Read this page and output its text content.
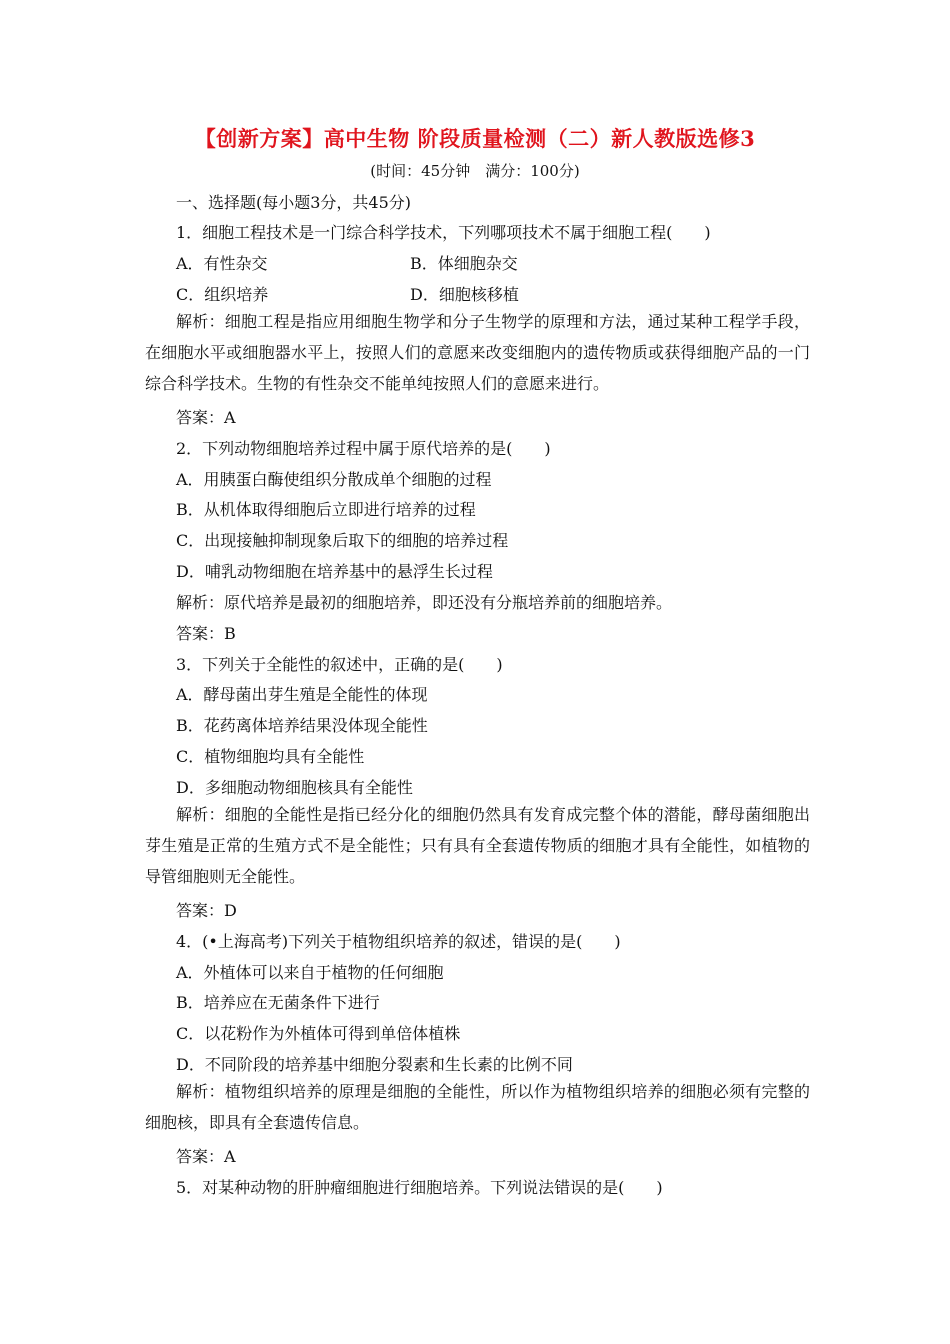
【创新方案】高中生物 阶段质量检测（二）新人教版选修3
(时间：45分钟　满分：100分)
一、选择题(每小题3分，共45分)
1．细胞工程技术是一门综合科学技术，下列哪项技术不属于细胞工程(　　)
A．有性杂交	B．体细胞杂交
C．组织培养	D．细胞核移植
解析：细胞工程是指应用细胞生物学和分子生物学的原理和方法，通过某种工程学手段，在细胞水平或细胞器水平上，按照人们的意愿来改变细胞内的遗传物质或获得细胞产品的一门综合科学技术。生物的有性杂交不能单纯按照人们的意愿来进行。
答案：A
2．下列动物细胞培养过程中属于原代培养的是(　　)
A．用胰蛋白酶使组织分散成单个细胞的过程
B．从机体取得细胞后立即进行培养的过程
C．出现接触抑制现象后取下的细胞的培养过程
D．哺乳动物细胞在培养基中的悬浮生长过程
解析：原代培养是最初的细胞培养，即还没有分瓶培养前的细胞培养。
答案：B
3．下列关于全能性的叙述中，正确的是(　　)
A．酵母菌出芽生殖是全能性的体现
B．花药离体培养结果没体现全能性
C．植物细胞均具有全能性
D．多细胞动物细胞核具有全能性
解析：细胞的全能性是指已经分化的细胞仍然具有发育成完整个体的潜能，酵母菌细胞出芽生殖是正常的生殖方式不是全能性；只有具有全套遗传物质的细胞才具有全能性，如植物的导管细胞则无全能性。
答案：D
4．(•上海高考)下列关于植物组织培养的叙述，错误的是(　　)
A．外植体可以来自于植物的任何细胞
B．培养应在无菌条件下进行
C．以花粉作为外植体可得到单倍体植株
D．不同阶段的培养基中细胞分裂素和生长素的比例不同
解析：植物组织培养的原理是细胞的全能性，所以作为植物组织培养的细胞必须有完整的细胞核，即具有全套遗传信息。
答案：A
5．对某种动物的肝肿瘤细胞进行细胞培养。下列说法错误的是(　　)
